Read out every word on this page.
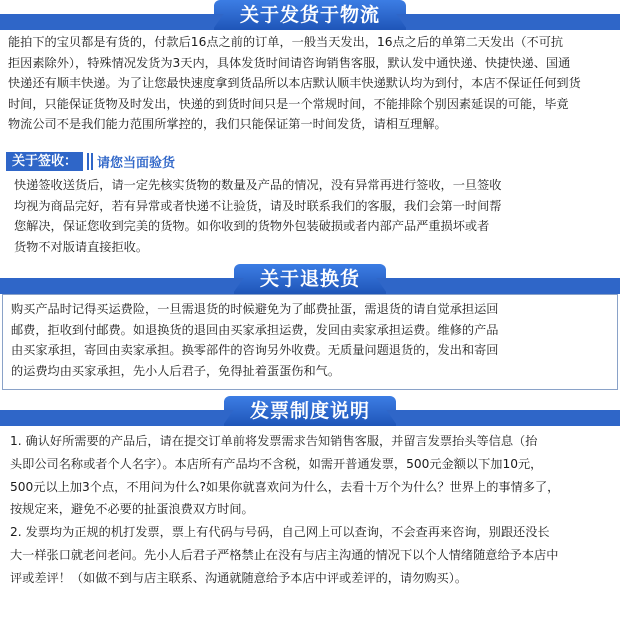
关于发货于物流

能拍下的宝贝都是有货的，付款后16点之前的订单，一般当天发出，16点之后的单第二天发出（不可抗

拒因素除外），特殊情况发货为3天内，具体发货时间请咨询销售客服，默认发中通快递、快捷快递、国通

快递还有顺丰快递。为了让您最快速度拿到货品所以本店默认顺丰快递默认均为到付，本店不保证任何到货

时间，只能保证货物及时发出，快递的到货时间只是一个常规时间，不能排除个别因素延误的可能，毕竟

物流公司不是我们能力范围所掌控的，我们只能保证第一时间发货，请相互理解。

关于签收：	请您当面验货

快递签收送货后，请一定先核实货物的数量及产品的情况，没有异常再进行签收，一旦签收

均视为商品完好，若有异常或者快递不让验货，请及时联系我们的客服，我们会第一时间帮

您解决，保证您收到完美的货物。如你收到的货物外包装破损或者内部产品严重损坏或者

货物不对版请直接拒收。

关于退换货

购买产品时记得买运费险，一旦需退货的时候避免为了邮费扯蛋，需退货的请自觉承担运回

邮费，拒收到付邮费。如退换货的退回由买家承担运费，发回由卖家承担运费。维修的产品

由买家承担，寄回由卖家承担。换零部件的咨询另外收费。无质量问题退货的，发出和寄回

的运费均由买家承担，先小人后君子，免得扯着蛋蛋伤和气。

发票制度说明

1. 确认好所需要的产品后，请在提交订单前将发票需求告知销售客服，并留言发票抬头等信息（抬

头即公司名称或者个人名字）。本店所有产品均不含税，如需开普通发票，500元金额以下加10元，

500元以上加3个点，不用问为什么?如果你就喜欢问为什么，去看十万个为什么？世界上的事情多了，

按规定来，避免不必要的扯蛋浪费双方时间。

2. 发票均为正规的机打发票，票上有代码与号码，自己网上可以查询，不会查再来咨询，别跟还没长

大一样张口就老问老问。先小人后君子严格禁止在没有与店主沟通的情况下以个人情绪随意给予本店中

评或差评！（如做不到与店主联系、沟通就随意给予本店中评或差评的，请勿购买）。
